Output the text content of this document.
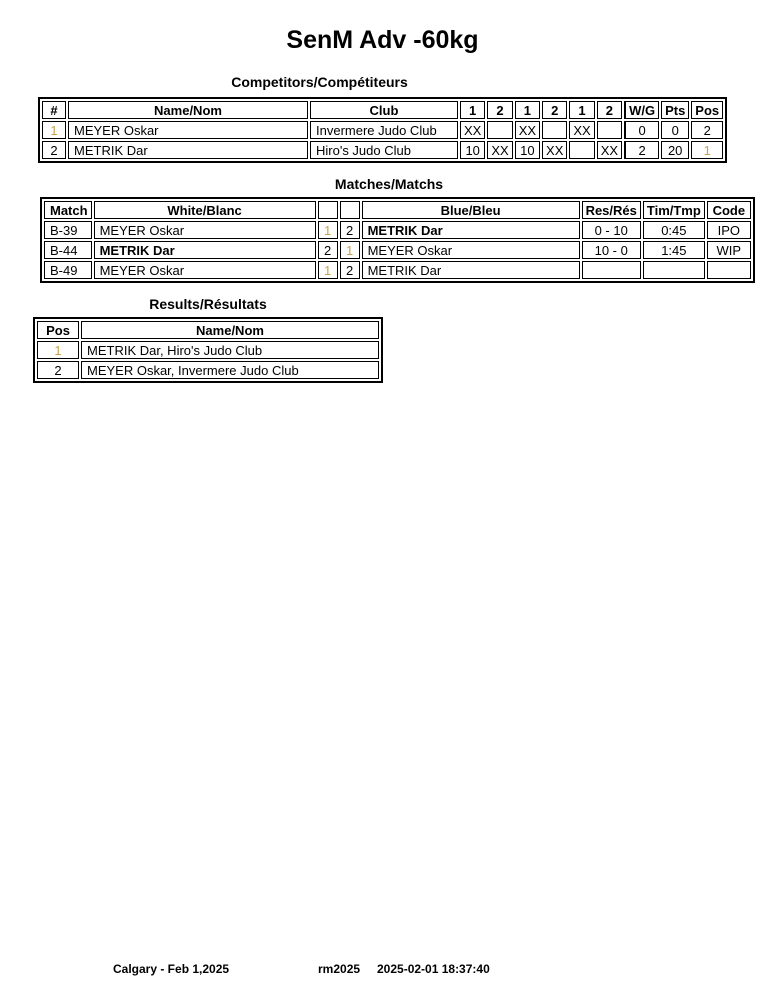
SenM Adv -60kg
Competitors/Compétiteurs
#	Name/Nom	Club	1	2	1	2	1	2	W/G	Pts	Pos
1	MEYER Oskar	Invermere Judo Club	XX		XX		XX		0	0	2
2	METRIK Dar	Hiro's Judo Club	10	XX	10	XX		XX	2	20	1
Matches/Matchs
Match	White/Blanc			Blue/Bleu	Res/Rés	Tim/Tmp	Code
B-39	MEYER Oskar	1	2	METRIK Dar	0 - 10	0:45	IPO
B-44	METRIK Dar	2	1	MEYER Oskar	10 - 0	1:45	WIP
B-49	MEYER Oskar	1	2	METRIK Dar			
Results/Résultats
Pos	Name/Nom
1	METRIK Dar, Hiro's Judo Club
2	MEYER Oskar, Invermere Judo Club
Calgary - Feb 1,2025	rm2025 2025-02-01 18:37:40
